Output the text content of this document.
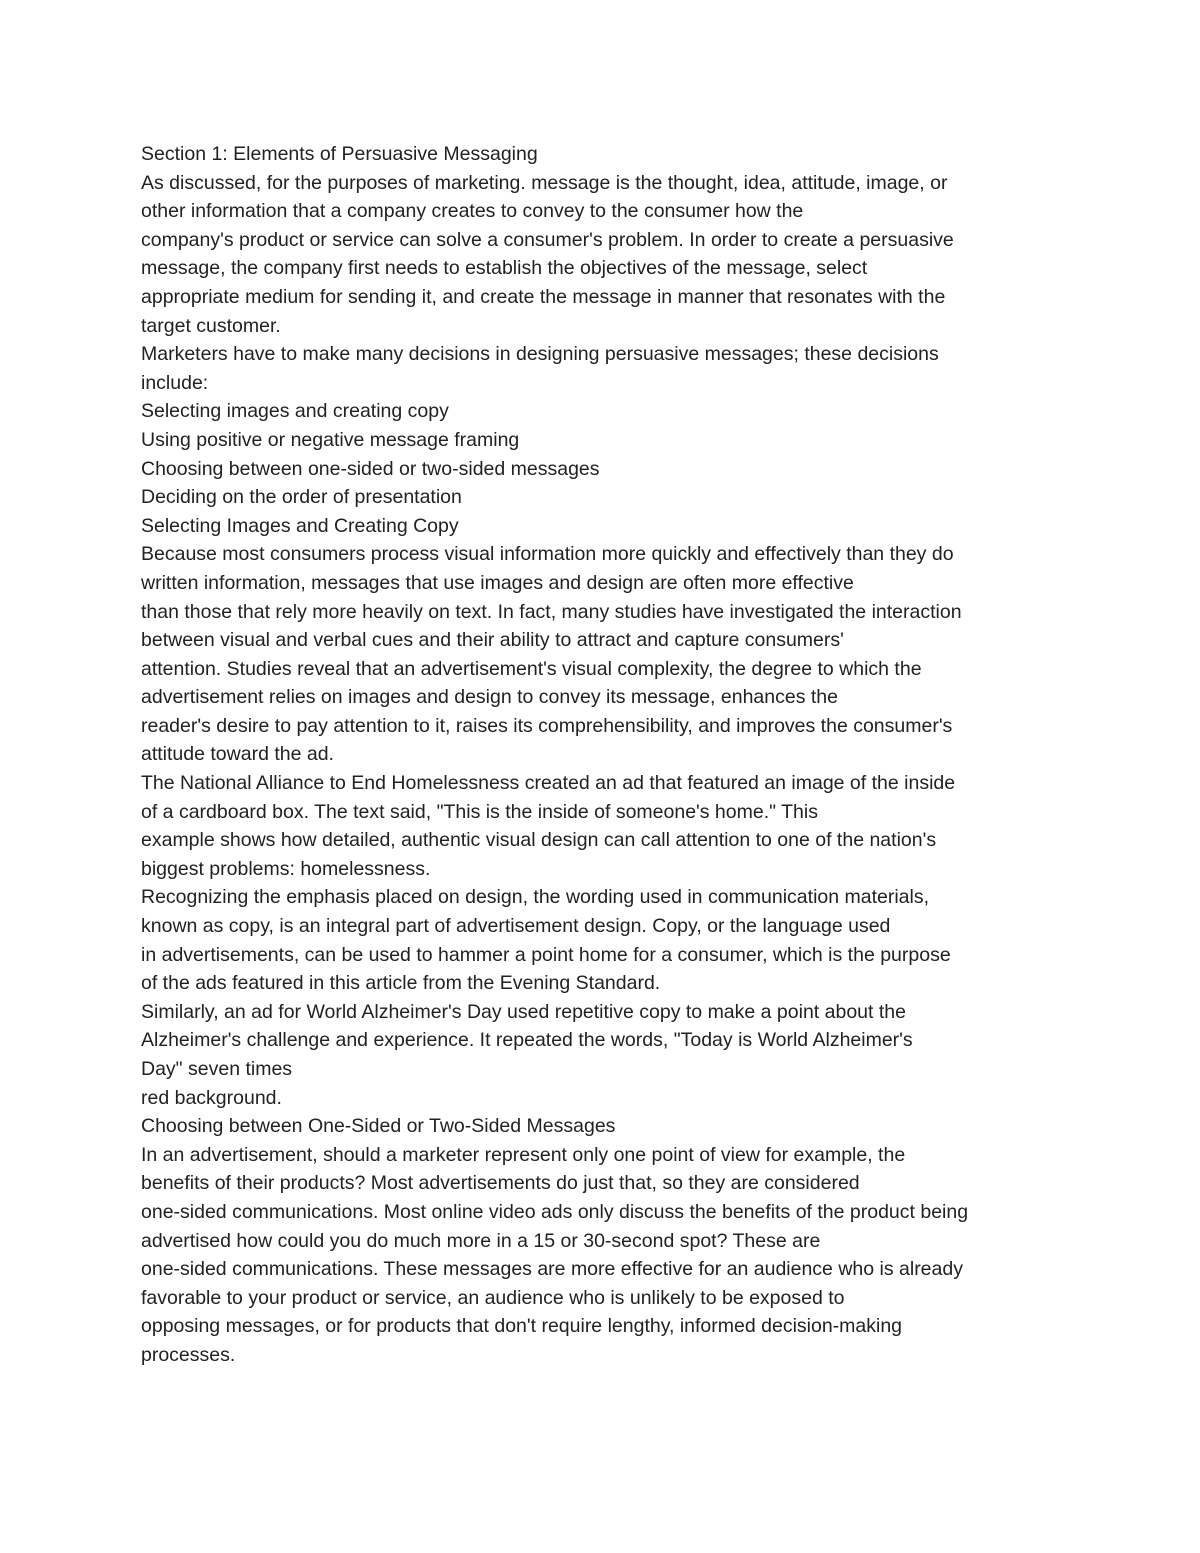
Section 1: Elements of Persuasive Messaging
As discussed, for the purposes of marketing. message is the thought, idea, attitude, image, or
other information that a company creates to convey to the consumer how the
company's product or service can solve a consumer's problem. In order to create a persuasive
message, the company first needs to establish the objectives of the message, select
appropriate medium for sending it, and create the message in manner that resonates with the
target customer.
Marketers have to make many decisions in designing persuasive messages; these decisions
include:
Selecting images and creating copy
Using positive or negative message framing
Choosing between one-sided or two-sided messages
Deciding on the order of presentation
Selecting Images and Creating Copy
Because most consumers process visual information more quickly and effectively than they do
written information, messages that use images and design are often more effective
than those that rely more heavily on text. In fact, many studies have investigated the interaction
between visual and verbal cues and their ability to attract and capture consumers'
attention. Studies reveal that an advertisement's visual complexity, the degree to which the
advertisement relies on images and design to convey its message, enhances the
reader's desire to pay attention to it, raises its comprehensibility, and improves the consumer's
attitude toward the ad.
The National Alliance to End Homelessness created an ad that featured an image of the inside
of a cardboard box. The text said, "This is the inside of someone's home." This
example shows how detailed, authentic visual design can call attention to one of the nation's
biggest problems: homelessness.
Recognizing the emphasis placed on design, the wording used in communication materials,
known as copy, is an integral part of advertisement design. Copy, or the language used
in advertisements, can be used to hammer a point home for a consumer, which is the purpose
of the ads featured in this article from the Evening Standard.
Similarly, an ad for World Alzheimer's Day used repetitive copy to make a point about the
Alzheimer's challenge and experience. It repeated the words, "Today is World Alzheimer's
Day" seven times
red background.
Choosing between One-Sided or Two-Sided Messages
In an advertisement, should a marketer represent only one point of view for example, the
benefits of their products? Most advertisements do just that, so they are considered
one-sided communications. Most online video ads only discuss the benefits of the product being
advertised how could you do much more in a 15 or 30-second spot? These are
one-sided communications. These messages are more effective for an audience who is already
favorable to your product or service, an audience who is unlikely to be exposed to
opposing messages, or for products that don't require lengthy, informed decision-making
processes.
